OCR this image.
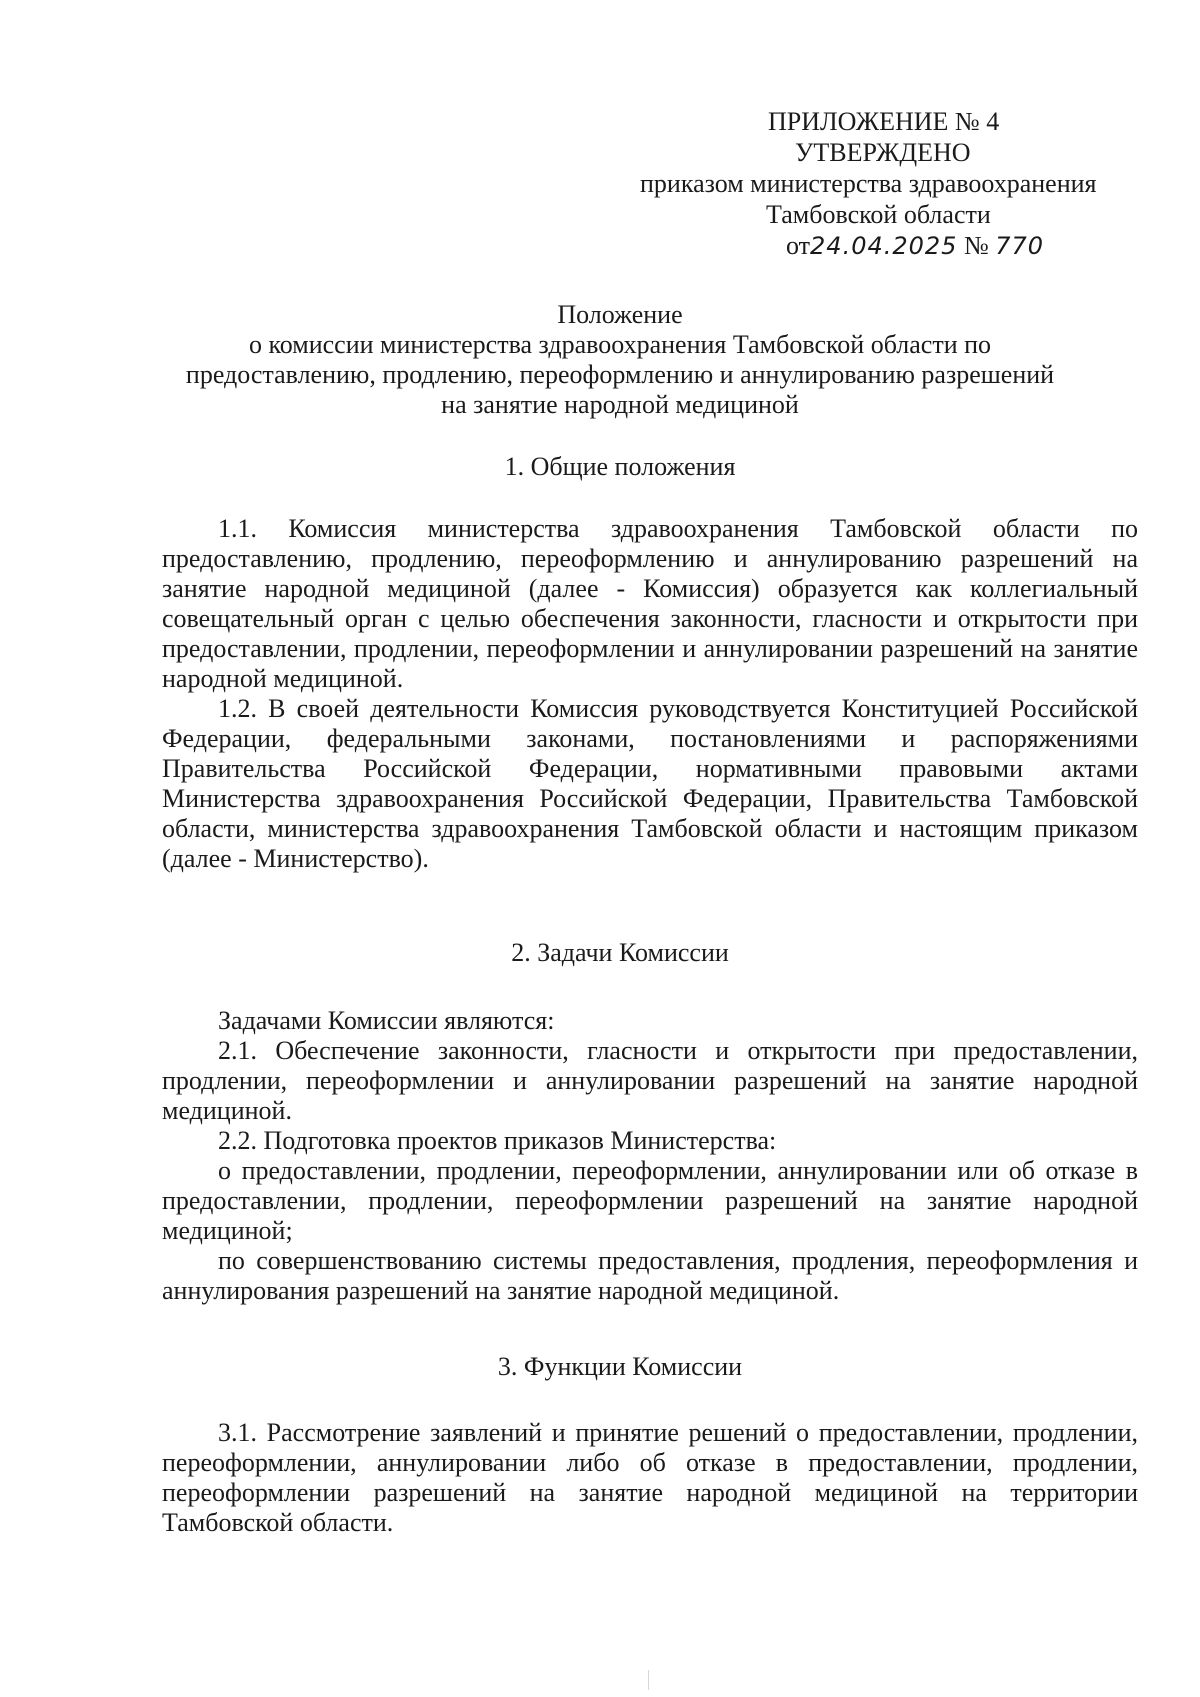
ПРИЛОЖЕНИЕ № 4
УТВЕРЖДЕНО
приказом министерства здравоохранения
Тамбовской области
от24.04.2025 № 770
Положение
о комиссии министерства здравоохранения Тамбовской области по
предоставлению, продлению, переоформлению и аннулированию разрешений
на занятие народной медициной
1. Общие положения
1.1. Комиссия министерства здравоохранения Тамбовской области по предоставлению, продлению, переоформлению и аннулированию разрешений на занятие народной медициной (далее - Комиссия) образуется как коллегиальный совещательный орган с целью обеспечения законности, гласности и открытости при предоставлении, продлении, переоформлении и аннулировании разрешений на занятие народной медициной.
1.2. В своей деятельности Комиссия руководствуется Конституцией Российской Федерации, федеральными законами, постановлениями и распоряжениями Правительства Российской Федерации, нормативными правовыми актами Министерства здравоохранения Российской Федерации, Правительства Тамбовской области, министерства здравоохранения Тамбовской области и настоящим приказом (далее - Министерство).
2. Задачи Комиссии
Задачами Комиссии являются:
2.1. Обеспечение законности, гласности и открытости при предоставлении, продлении, переоформлении и аннулировании разрешений на занятие народной медициной.
2.2. Подготовка проектов приказов Министерства:
о предоставлении, продлении, переоформлении, аннулировании или об отказе в предоставлении, продлении, переоформлении разрешений на занятие народной медициной;
по совершенствованию системы предоставления, продления, переоформления и аннулирования разрешений на занятие народной медициной.
3. Функции Комиссии
3.1. Рассмотрение заявлений и принятие решений о предоставлении, продлении, переоформлении, аннулировании либо об отказе в предоставлении, продлении, переоформлении разрешений на занятие народной медициной на территории Тамбовской области.
